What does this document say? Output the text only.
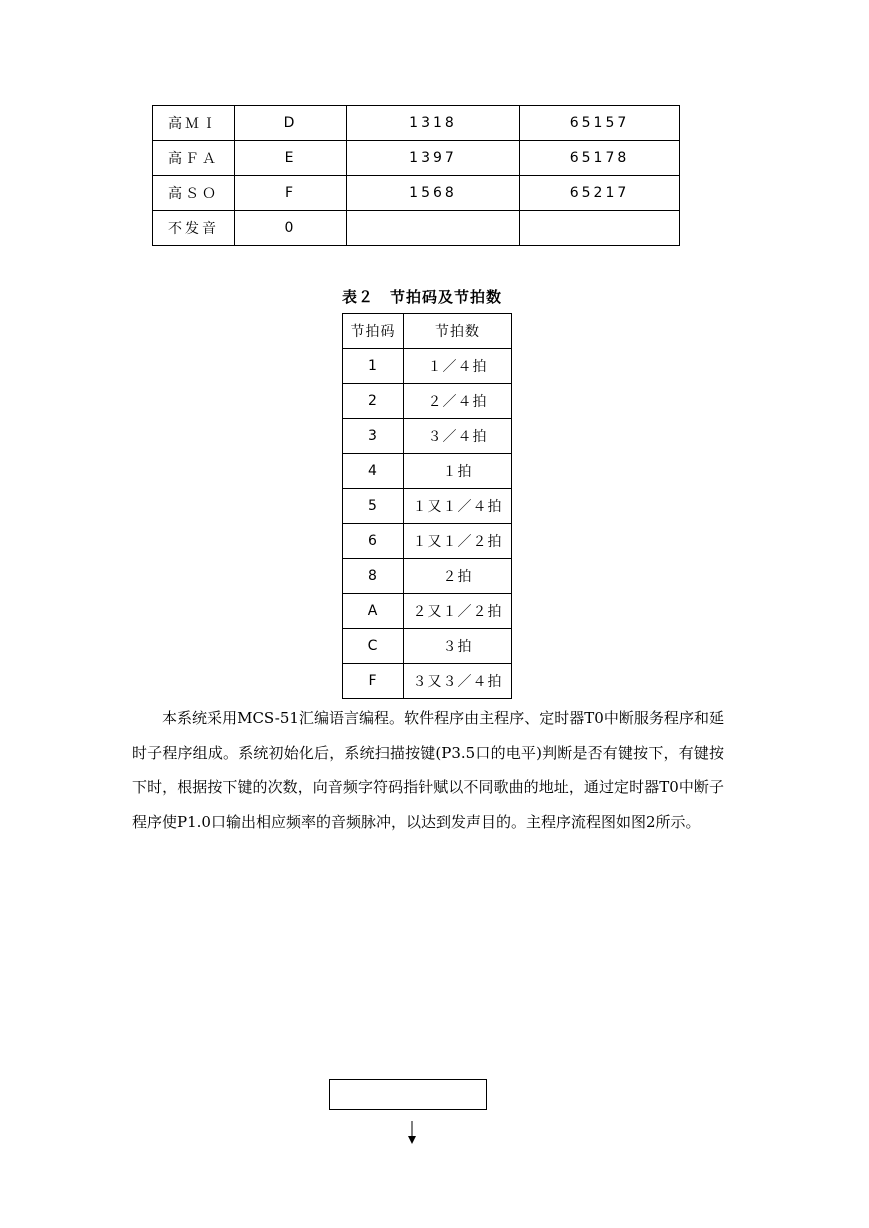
高ＭＩ	D	1318	65157
高ＦＡ	E	1397	65178
高ＳＯ	F	1568	65217
不发音	0		
表２　节拍码及节拍数
节拍码	节拍数
1	１／４拍
2	２／４拍
3	３／４拍
4	１拍
5	１又１／４拍
6	１又１／２拍
8	２拍
A	２又１／２拍
C	３拍
F	３又３／４拍

本系统采用MCS-51汇编语言编程。软件程序由主程序、定时器T0中断服务程序和延时子程序组成。系统初始化后，系统扫描按键(P3.5口的电平)判断是否有键按下，有键按下时，根据按下键的次数，向音频字符码指针赋以不同歌曲的地址，通过定时器T0中断子程序使P1.0口输出相应频率的音频脉冲，以达到发声目的。主程序流程图如图2所示。
